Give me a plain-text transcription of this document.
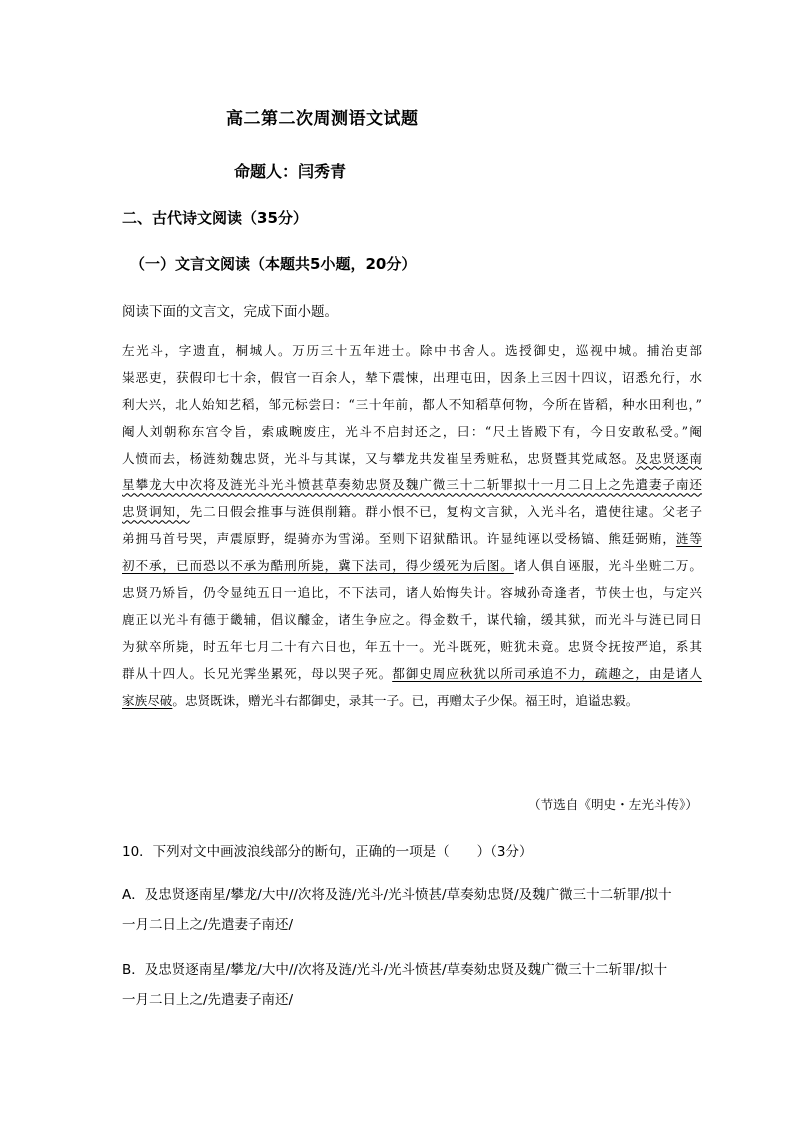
高二第二次周测语文试题
命题人：闫秀青
二、古代诗文阅读（35分）
（一）文言文阅读（本题共5小题，20分）
阅读下面的文言文，完成下面小题。
左光斗，字遗直，桐城人。万历三十五年进士。除中书舍人。选授御史，巡视中城。捕治吏部
粜恶吏，获假印七十余，假官一百余人，辇下震悚，出理屯田，因条上三因十四议，诏悉允行，水
利大兴，北人始知艺稻，邹元标尝曰：“三十年前，都人不知稻草何物，今所在皆稻，种水田利也，”
阉人刘朝称东宫令旨，索戚畹废庄，光斗不启封还之，曰：“尺土皆殿下有，今日安敢私受。”阉
人愤而去，杨涟劾魏忠贤，光斗与其谋，又与攀龙共发崔呈秀赃私，忠贤暨其党咸怒。及忠贤逐南
星攀龙大中次将及涟光斗光斗愤甚草奏劾忠贤及魏广微三十二斩罪拟十一月二日上之先遣妻子南还
忠贤诇知，先二日假会推事与涟俱削籍。群小恨不已，复构文言狱，入光斗名，遣使往逮。父老子
弟拥马首号哭，声震原野，缇骑亦为雪涕。至则下诏狱酷讯。许显纯诬以受杨镐、熊廷弼贿，涟等
初不承，已而恐以不承为酷刑所毙，冀下法司，得少缓死为后图。诸人俱自诬服，光斗坐赃二万。
忠贤乃矫旨，仍令显纯五日一追比，不下法司，诸人始悔失计。容城孙奇逢者，节侠士也，与定兴
鹿正以光斗有德于畿辅，倡议醵金，诸生争应之。得金数千，谋代输，缓其狱，而光斗与涟已同日
为狱卒所毙，时五年七月二十有六日也，年五十一。光斗既死，赃犹未竟。忠贤令抚按严追，系其
群从十四人。长兄光霁坐累死，母以哭子死。都御史周应秋犹以所司承追不力，疏趣之，由是诸人
家族尽破。忠贤既诛，赠光斗右都御史，录其一子。已，再赠太子少保。福王时，追谥忠毅。
（节选自《明史・左光斗传》）
10．下列对文中画波浪线部分的断句，正确的一项是（　　）（3分）
A．及忠贤逐南星/攀龙/大中//次将及涟/光斗/光斗愤甚/草奏劾忠贤/及魏广微三十二斩罪/拟十
一月二日上之/先遣妻子南还/
B．及忠贤逐南星/攀龙/大中//次将及涟/光斗/光斗愤甚/草奏劾忠贤及魏广微三十二斩罪/拟十
一月二日上之/先遣妻子南还/
